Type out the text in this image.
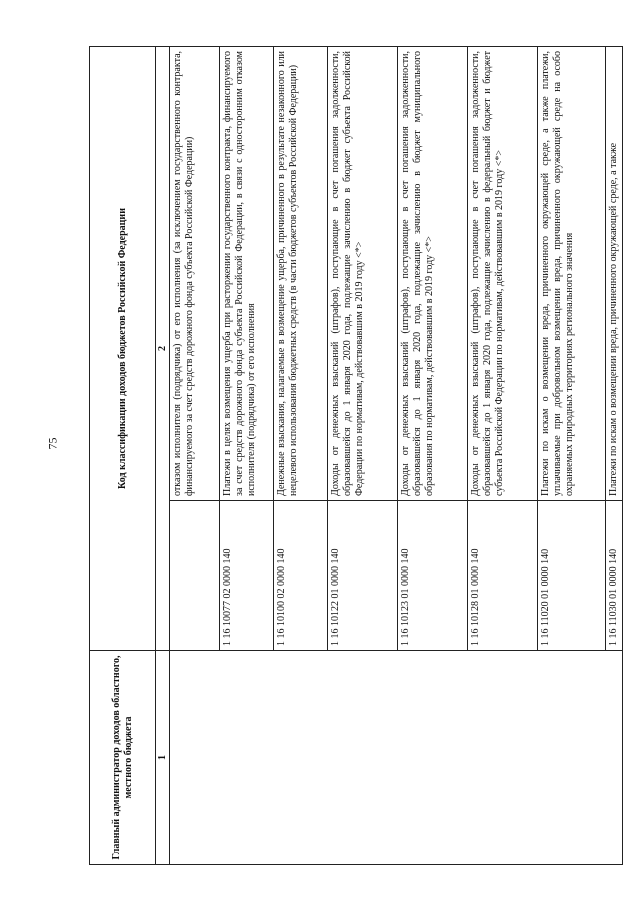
75
Главный администратор доходов областного, местного бюджета	Код классификации доходов бюджетов Российской Федерации	
1	2	
		отказом исполнителя (подрядчика) от его исполнения (за исключением государственного контракта, финансируемого за счет средств дорожного фонда субъекта Российской Федерации)
	1 16 10077 02 0000 140	Платежи в целях возмещения ущерба при расторжении государственного контракта, финансируемого за счет средств дорожного фонда субъекта Российской Федерации, в связи с односторонним отказом исполнителя (подрядчика) от его исполнения
	1 16 10100 02 0000 140	Денежные взыскания, налагаемые в возмещение ущерба, причиненного в результате незаконного или нецелевого использования бюджетных средств (в части бюджетов субъектов Российской Федерации)
	1 16 10122 01 0000 140	Доходы от денежных взысканий (штрафов), поступающие в счет погашения задолженности, образовавшейся до 1 января 2020 года, подлежащие зачислению в бюджет субъекта Российской Федерации по нормативам, действовавшим в 2019 году <*>
	1 16 10123 01 0000 140	Доходы от денежных взысканий (штрафов), поступающие в счет погашения задолженности, образовавшейся до 1 января 2020 года, подлежащие зачислению в бюджет муниципального образования по нормативам, действовавшим в 2019 году <*>
	1 16 10128 01 0000 140	Доходы от денежных взысканий (штрафов), поступающие в счет погашения задолженности, образовавшейся до 1 января 2020 года, подлежащие зачислению в федеральный бюджет и бюджет субъекта Российской Федерации по нормативам, действовавшим в 2019 году <*>
	1 16 11020 01 0000 140	Платежи по искам о возмещении вреда, причиненного окружающей среде, а также платежи, уплачиваемые при добровольном возмещении вреда, причиненного окружающей среде на особо охраняемых природных территориях регионального значения
	1 16 11030 01 0000 140	Платежи по искам о возмещении вреда, причиненного окружающей среде, а также
